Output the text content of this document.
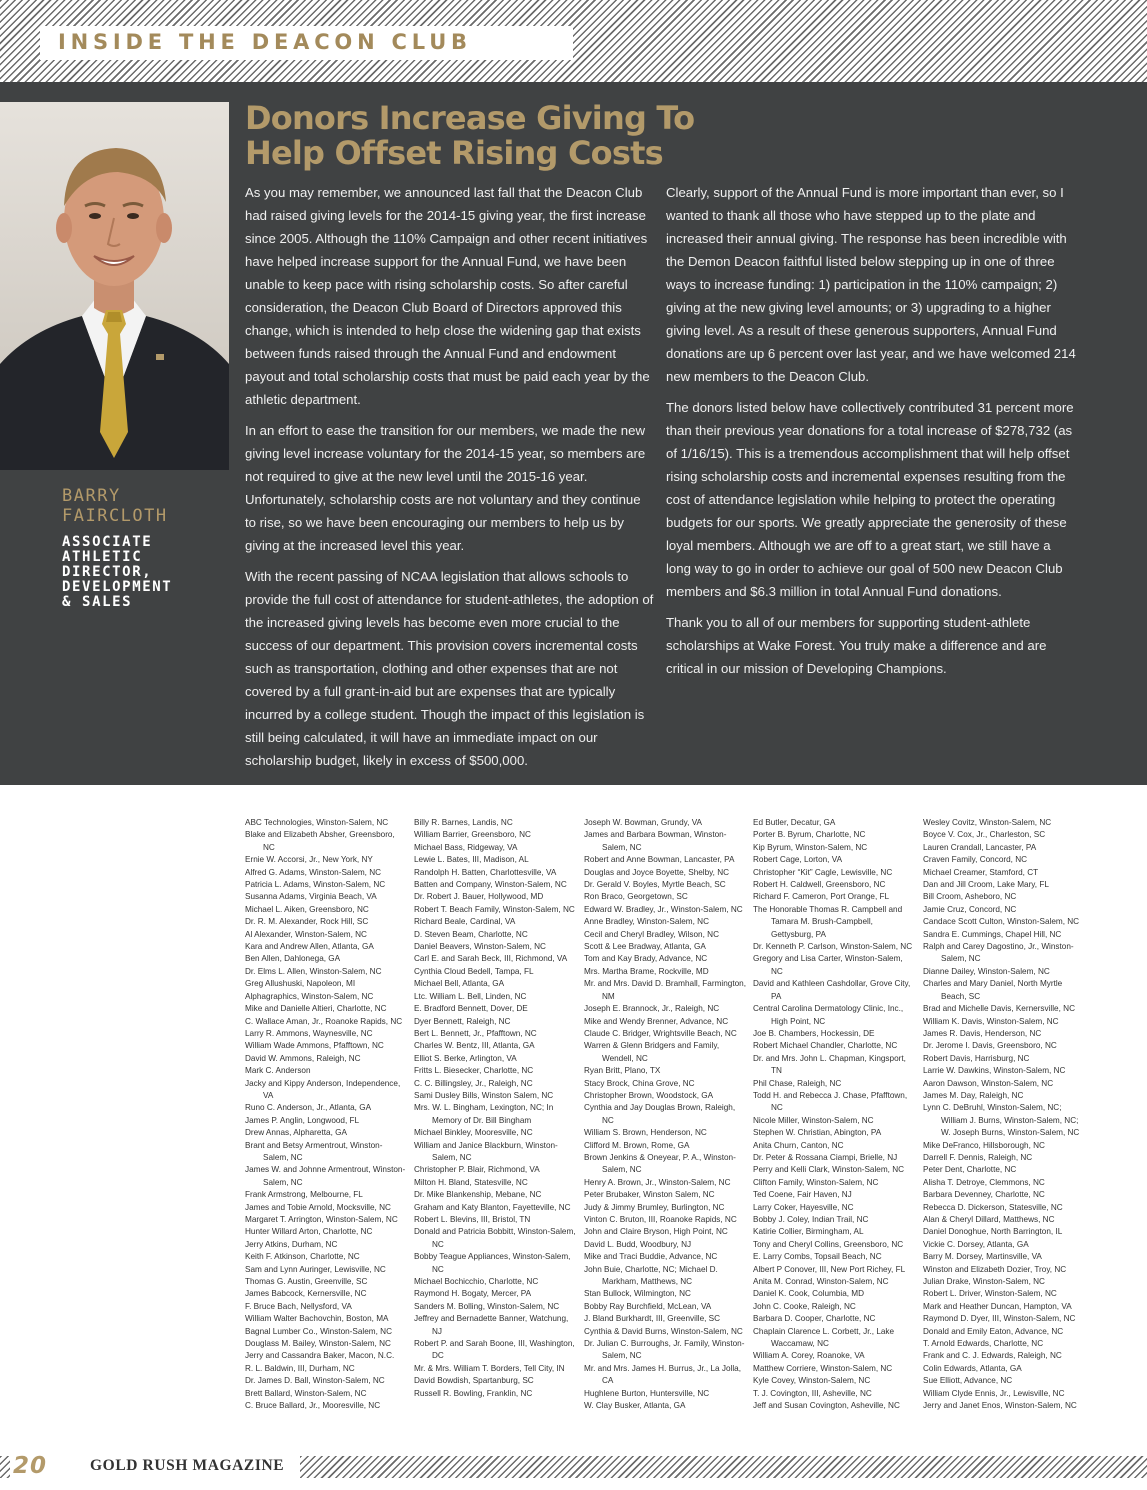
INSIDE THE DEACON CLUB
BARRY
FAIRCLOTH
ASSOCIATE
ATHLETIC
DIRECTOR,
DEVELOPMENT
& SALES
Donors Increase Giving To
Help Offset Rising Costs

As you may remember, we announced last fall that the Deacon Club had raised giving levels for the 2014-15 giving year, the first increase since 2005. Although the 110% Campaign and other recent initiatives have helped increase support for the Annual Fund, we have been unable to keep pace with rising scholarship costs. So after careful consideration, the Deacon Club Board of Directors approved this change, which is intended to help close the widening gap that exists between funds raised through the Annual Fund and endowment payout and total scholarship costs that must be paid each year by the athletic department.

In an effort to ease the transition for our members, we made the new giving level increase voluntary for the 2014-15 year, so members are not required to give at the new level until the 2015-16 year. Unfortunately, scholarship costs are not voluntary and they continue to rise, so we have been encouraging our members to help us by giving at the increased level this year.

With the recent passing of NCAA legislation that allows schools to provide the full cost of attendance for student-athletes, the adoption of the increased giving levels has become even more crucial to the success of our department. This provision covers incremental costs such as transportation, clothing and other expenses that are not covered by a full grant-in-aid but are expenses that are typically incurred by a college student. Though the impact of this legislation is still being calculated, it will have an immediate impact on our scholarship budget, likely in excess of $500,000.

Clearly, support of the Annual Fund is more important than ever, so I wanted to thank all those who have stepped up to the plate and increased their annual giving. The response has been incredible with the Demon Deacon faithful listed below stepping up in one of three ways to increase funding: 1) participation in the 110% campaign; 2) giving at the new giving level amounts; or 3) upgrading to a higher giving level. As a result of these generous supporters, Annual Fund donations are up 6 percent over last year, and we have welcomed 214 new members to the Deacon Club.

The donors listed below have collectively contributed 31 percent more than their previous year donations for a total increase of $278,732 (as of 1/16/15). This is a tremendous accomplishment that will help offset rising scholarship costs and incremental expenses resulting from the cost of attendance legislation while helping to protect the operating budgets for our sports. We greatly appreciate the generosity of these loyal members. Although we are off to a great start, we still have a long way to go in order to achieve our goal of 500 new Deacon Club members and $6.3 million in total Annual Fund donations.

Thank you to all of our members for supporting student-athlete scholarships at Wake Forest. You truly make a difference and are critical in our mission of Developing Champions.

ABC Technologies, Winston-Salem, NC
Blake and Elizabeth Absher, Greensboro, NC
Ernie W. Accorsi, Jr., New York, NY
Alfred G. Adams, Winston-Salem, NC
Patricia L. Adams, Winston-Salem, NC
Susanna Adams, Virginia Beach, VA
Michael L. Aiken, Greensboro, NC
Dr. R. M. Alexander, Rock Hill, SC
Al Alexander, Winston-Salem, NC
Kara and Andrew Allen, Atlanta, GA
Ben Allen, Dahlonega, GA
Dr. Elms L. Allen, Winston-Salem, NC
Greg Allushuski, Napoleon, MI
Alphagraphics, Winston-Salem, NC
Mike and Danielle Altieri, Charlotte, NC
C. Wallace Aman, Jr., Roanoke Rapids, NC
Larry R. Ammons, Waynesville, NC
William Wade Ammons, Pfafftown, NC
David W. Ammons, Raleigh, NC
Mark C. Anderson
Jacky and Kippy Anderson, Independence, VA
Runo C. Anderson, Jr., Atlanta, GA
James P. Anglin, Longwood, FL
Drew Annas, Alpharetta, GA
Brant and Betsy Armentrout, Winston-Salem, NC
James W. and Johnne Armentrout, Winston-Salem, NC
Frank Armstrong, Melbourne, FL
James and Tobie Arnold, Mocksville, NC
Margaret T. Arrington, Winston-Salem, NC
Hunter Willard Arton, Charlotte, NC
Jerry Atkins, Durham, NC
Keith F. Atkinson, Charlotte, NC
Sam and Lynn Auringer, Lewisville, NC
Thomas G. Austin, Greenville, SC
James Babcock, Kernersville, NC
F. Bruce Bach, Nellysford, VA
William Walter Bachovchin, Boston, MA
Bagnal Lumber Co., Winston-Salem, NC
Douglass M. Bailey, Winston-Salem, NC
Jerry and Cassandra Baker, Macon, N.C.
R. L. Baldwin, III, Durham, NC
Dr. James D. Ball, Winston-Salem, NC
Brett Ballard, Winston-Salem, NC
C. Bruce Ballard, Jr., Mooresville, NC
Billy R. Barnes, Landis, NC
William Barrier, Greensboro, NC
Michael Bass, Ridgeway, VA
Lewie L. Bates, III, Madison, AL
Randolph H. Batten, Charlottesville, VA
Batten and Company, Winston-Salem, NC
Dr. Robert J. Bauer, Hollywood, MD
Robert T. Beach Family, Winston-Salem, NC
Richard Beale, Cardinal, VA
D. Steven Beam, Charlotte, NC
Daniel Beavers, Winston-Salem, NC
Carl E. and Sarah Beck, III, Richmond, VA
Cynthia Cloud Bedell, Tampa, FL
Michael Bell, Atlanta, GA
Ltc. William L. Bell, Linden, NC
E. Bradford Bennett, Dover, DE
Dyer Bennett, Raleigh, NC
Bert L. Bennett, Jr., Pfafftown, NC
Charles W. Bentz, III, Atlanta, GA
Elliot S. Berke, Arlington, VA
Fritts L. Biesecker, Charlotte, NC
C. C. Billingsley, Jr., Raleigh, NC
Sami Dusley Bills, Winston Salem, NC
Mrs. W. L. Bingham, Lexington, NC; In Memory of Dr. Bill Bingham
Michael Binkley, Mooresville, NC
William and Janice Blackburn, Winston-Salem, NC
Christopher P. Blair, Richmond, VA
Milton H. Bland, Statesville, NC
Dr. Mike Blankenship, Mebane, NC
Graham and Katy Blanton, Fayetteville, NC
Robert L. Blevins, III, Bristol, TN
Donald and Patricia Bobbitt, Winston-Salem, NC
Bobby Teague Appliances, Winston-Salem, NC
Michael Bochicchio, Charlotte, NC
Raymond H. Bogaty, Mercer, PA
Sanders M. Bolling, Winston-Salem, NC
Jeffrey and Bernadette Banner, Watchung, NJ
Robert P. and Sarah Boone, III, Washington, DC
Mr. & Mrs. William T. Borders, Tell City, IN
David Bowdish, Spartanburg, SC
Russell R. Bowling, Franklin, NC
Joseph W. Bowman, Grundy, VA
James and Barbara Bowman, Winston-Salem, NC
Robert and Anne Bowman, Lancaster, PA
Douglas and Joyce Boyette, Shelby, NC
Dr. Gerald V. Boyles, Myrtle Beach, SC
Ron Braco, Georgetown, SC
Edward W. Bradley, Jr., Winston-Salem, NC
Anne Bradley, Winston-Salem, NC
Cecil and Cheryl Bradley, Wilson, NC
Scott & Lee Bradway, Atlanta, GA
Tom and Kay Brady, Advance, NC
Mrs. Martha Brame, Rockville, MD
Mr. and Mrs. David D. Bramhall, Farmington, NM
Joseph E. Brannock, Jr., Raleigh, NC
Mike and Wendy Brenner, Advance, NC
Claude C. Bridger, Wrightsville Beach, NC
Warren & Glenn Bridgers and Family, Wendell, NC
Ryan Britt, Plano, TX
Stacy Brock, China Grove, NC
Christopher Brown, Woodstock, GA
Cynthia and Jay Douglas Brown, Raleigh, NC
William S. Brown, Henderson, NC
Clifford M. Brown, Rome, GA
Brown Jenkins & Oneyear, P. A., Winston-Salem, NC
Henry A. Brown, Jr., Winston-Salem, NC
Peter Brubaker, Winston Salem, NC
Judy & Jimmy Brumley, Burlington, NC
Vinton C. Bruton, III, Roanoke Rapids, NC
John and Claire Bryson, High Point, NC
David L. Budd, Woodbury, NJ
Mike and Traci Buddie, Advance, NC
John Buie, Charlotte, NC; Michael D. Markham, Matthews, NC
Stan Bullock, Wilmington, NC
Bobby Ray Burchfield, McLean, VA
J. Bland Burkhardt, III, Greenville, SC
Cynthia & David Burns, Winston-Salem, NC
Dr. Julian C. Burroughs, Jr. Family, Winston-Salem, NC
Mr. and Mrs. James H. Burrus, Jr., La Jolla, CA
Hughlene Burton, Huntersville, NC
W. Clay Busker, Atlanta, GA
Ed Butler, Decatur, GA
Porter B. Byrum, Charlotte, NC
Kip Byrum, Winston-Salem, NC
Robert Cage, Lorton, VA
Christopher “Kit” Cagle, Lewisville, NC
Robert H. Caldwell, Greensboro, NC
Richard F. Cameron, Port Orange, FL
The Honorable Thomas R. Campbell and Tamara M. Brush-Campbell, Gettysburg, PA
Dr. Kenneth P. Carlson, Winston-Salem, NC
Gregory and Lisa Carter, Winston-Salem, NC
David and Kathleen Cashdollar, Grove City, PA
Central Carolina Dermatology Clinic, Inc., High Point, NC
Joe B. Chambers, Hockessin, DE
Robert Michael Chandler, Charlotte, NC
Dr. and Mrs. John L. Chapman, Kingsport, TN
Phil Chase, Raleigh, NC
Todd H. and Rebecca J. Chase, Pfafftown, NC
Nicole Miller, Winston-Salem, NC
Stephen W. Christian, Abington, PA
Anita Churn, Canton, NC
Dr. Peter & Rossana Ciampi, Brielle, NJ
Perry and Kelli Clark, Winston-Salem, NC
Clifton Family, Winston-Salem, NC
Ted Coene, Fair Haven, NJ
Larry Coker, Hayesville, NC
Bobby J. Coley, Indian Trail, NC
Katirie Collier, Birmingham, AL
Tony and Cheryl Collins, Greensboro, NC
E. Larry Combs, Topsail Beach, NC
Albert P Conover, III, New Port Richey, FL
Anita M. Conrad, Winston-Salem, NC
Daniel K. Cook, Columbia, MD
John C. Cooke, Raleigh, NC
Barbara D. Cooper, Charlotte, NC
Chaplain Clarence L. Corbett, Jr., Lake Waccamaw, NC
William A. Corey, Roanoke, VA
Matthew Corriere, Winston-Salem, NC
Kyle Covey, Winston-Salem, NC
T. J. Covington, III, Asheville, NC
Jeff and Susan Covington, Asheville, NC
Wesley Covitz, Winston-Salem, NC
Boyce V. Cox, Jr., Charleston, SC
Lauren Crandall, Lancaster, PA
Craven Family, Concord, NC
Michael Creamer, Stamford, CT
Dan and Jill Croom, Lake Mary, FL
Bill Croom, Asheboro, NC
Jamie Cruz, Concord, NC
Candace Scott Culton, Winston-Salem, NC
Sandra E. Cummings, Chapel Hill, NC
Ralph and Carey Dagostino, Jr., Winston-Salem, NC
Dianne Dailey, Winston-Salem, NC
Charles and Mary Daniel, North Myrtle Beach, SC
Brad and Michelle Davis, Kernersville, NC
William K. Davis, Winston-Salem, NC
James R. Davis, Henderson, NC
Dr. Jerome I. Davis, Greensboro, NC
Robert Davis, Harrisburg, NC
Larrie W. Dawkins, Winston-Salem, NC
Aaron Dawson, Winston-Salem, NC
James M. Day, Raleigh, NC
Lynn C. DeBruhl, Winston-Salem, NC; William J. Burns, Winston-Salem, NC; W. Joseph Burns, Winston-Salem, NC
Mike DeFranco, Hillsborough, NC
Darrell F. Dennis, Raleigh, NC
Peter Dent, Charlotte, NC
Alisha T. Detroye, Clemmons, NC
Barbara Devenney, Charlotte, NC
Rebecca D. Dickerson, Statesville, NC
Alan & Cheryl Dillard, Matthews, NC
Daniel Donoghue, North Barrington, IL
Vickie C. Dorsey, Atlanta, GA
Barry M. Dorsey, Martinsville, VA
Winston and Elizabeth Dozier, Troy, NC
Julian Drake, Winston-Salem, NC
Robert L. Driver, Winston-Salem, NC
Mark and Heather Duncan, Hampton, VA
Raymond D. Dyer, III, Winston-Salem, NC
Donald and Emily Eaton, Advance, NC
T. Arnold Edwards, Charlotte, NC
Frank and C. J. Edwards, Raleigh, NC
Colin Edwards, Atlanta, GA
Sue Elliott, Advance, NC
William Clyde Ennis, Jr., Lewisville, NC
Jerry and Janet Enos, Winston-Salem, NC
20	GOLD RUSH MAGAZINE
